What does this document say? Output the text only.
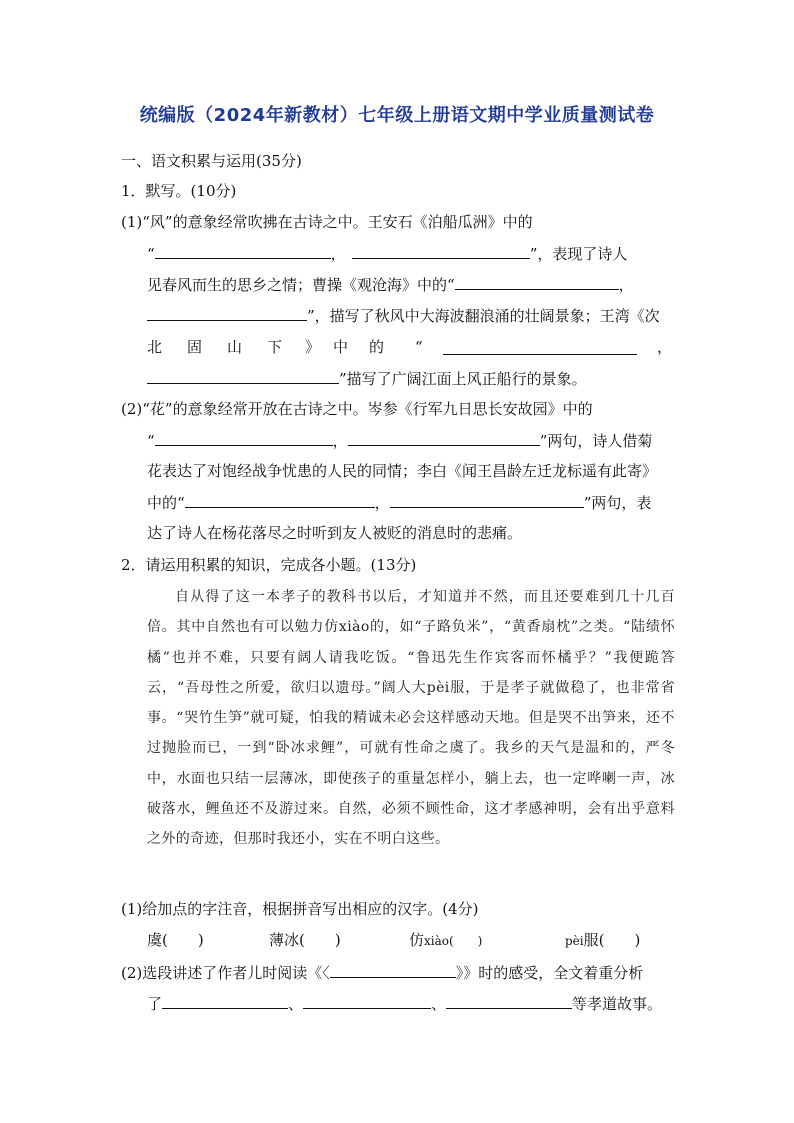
统编版（2024年新教材）七年级上册语文期中学业质量测试卷
一、语文积累与运用(35分)
1．默写。(10分)
(1)“风”的意象经常吹拂在古诗之中。王安石《泊船瓜洲》中的
“	，	”，表现了诗人
见春风而生的思乡之情；曹操《观沧海》中的“	，
”，描写了秋风中大海波翻浪涌的壮阔景象；王湾《次
北 固 山 下 》 中 的 “	，
”描写了广阔江面上风正船行的景象。
(2)“花”的意象经常开放在古诗之中。岑参《行军九日思长安故园》中的
“	，	”两句，诗人借菊
花表达了对饱经战争忧患的人民的同情；李白《闻王昌龄左迁龙标遥有此寄》
中的“	，	”两句，表
达了诗人在杨花落尽之时听到友人被贬的消息时的悲痛。
2．请运用积累的知识，完成各小题。(13分)

自从得了这一本孝子的教科书以后，才知道并不然，而且还要难到几十几百倍。其中自然也有可以勉力仿xiào的，如“子路负米”，“黄香扇枕”之类。“陆绩怀橘”也并不难，只要有阔人请我吃饭。“鲁迅先生作宾客而怀橘乎？”我便跪答云，“吾母性之所爱，欲归以遗母。”阔人大pèi服，于是孝子就做稳了，也非常省事。“哭竹生笋”就可疑，怕我的精诚未必会这样感动天地。但是哭不出笋来，还不过抛脸而已，一到“卧冰求鲤”，可就有性命之虞了。我乡的天气是温和的，严冬中，水面也只结一层薄冰，即使孩子的重量怎样小，躺上去，也一定哗喇一声，冰破落水，鲤鱼还不及游过来。自然，必须不顾性命，这才孝感神明，会有出乎意料之外的奇迹，但那时我还小，实在不明白这些。

(1)给加点的字注音，根据拼音写出相应的汉字。(4分)
虞(　　)	薄冰(　　)	仿xiào(　　)	pèi服(　　)
(2)选段讲述了作者儿时阅读《〈	》》时的感受，全文着重分析
了	、	、	等孝道故事。
